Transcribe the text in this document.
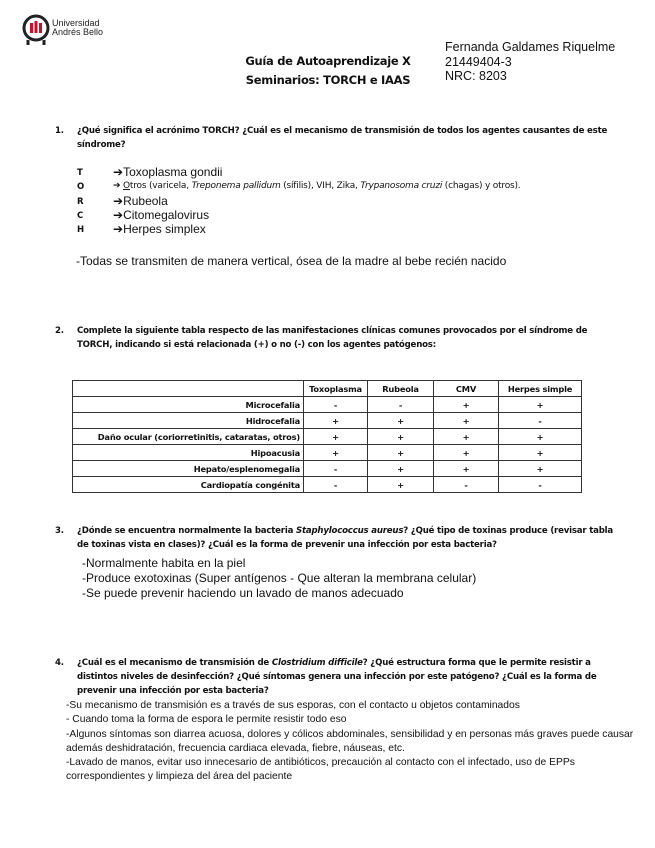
Universidad
Andrés Bello
Guía de Autoaprendizaje X
Seminarios: TORCH e IAAS
Fernanda Galdames Riquelme
21449404-3
NRC: 8203
1. ¿Qué significa el acrónimo TORCH? ¿Cuál es el mecanismo de transmisión de todos los agentes causantes de este síndrome?
T	➔Toxoplasma gondii
O	➔ Otros (varicela, Treponema pallidum (sífilis), VIH, Zika, Trypanosoma cruzi (chagas) y otros).
R ➔Rubeola
C ➔Citomegalovirus
H ➔Herpes simplex
-Todas se transmiten de manera vertical, ósea de la madre al bebe recién nacido
2. Complete la siguiente tabla respecto de las manifestaciones clínicas comunes provocados por el síndrome de TORCH, indicando si está relacionada (+) o no (-) con los agentes patógenos:
	Toxoplasma	Rubeola	CMV	Herpes simple
Microcefalia	-	-	+	+
Hidrocefalia	+	+	+	-
Daño ocular (coriorretinitis, cataratas, otros)	+	+	+	+
Hipoacusia	+	+	+	+
Hepato/esplenomegalia	-	+	+	+
Cardiopatía congénita	-	+	-	-
3. ¿Dónde se encuentra normalmente la bacteria Staphylococcus aureus? ¿Qué tipo de toxinas produce (revisar tabla de toxinas vista en clases)? ¿Cuál es la forma de prevenir una infección por esta bacteria?
-Normalmente habita en la piel
-Produce exotoxinas (Super antígenos - Que alteran la membrana celular)
-Se puede prevenir haciendo un lavado de manos adecuado
4. ¿Cuál es el mecanismo de transmisión de Clostridium difficile? ¿Qué estructura forma que le permite resistir a distintos niveles de desinfección? ¿Qué síntomas genera una infección por este patógeno? ¿Cuál es la forma de prevenir una infección por esta bacteria?
-Su mecanismo de transmisión es a través de sus esporas, con el contacto u objetos contaminados
- Cuando toma la forma de espora le permite resistir todo eso
-Algunos síntomas son diarrea acuosa, dolores y cólicos abdominales, sensibilidad y en personas más graves puede causar además deshidratación, frecuencia cardiaca elevada, fiebre, náuseas, etc.
-Lavado de manos, evitar uso innecesario de antibióticos, precaución al contacto con el infectado, uso de EPPs correspondientes y limpieza del área del paciente
